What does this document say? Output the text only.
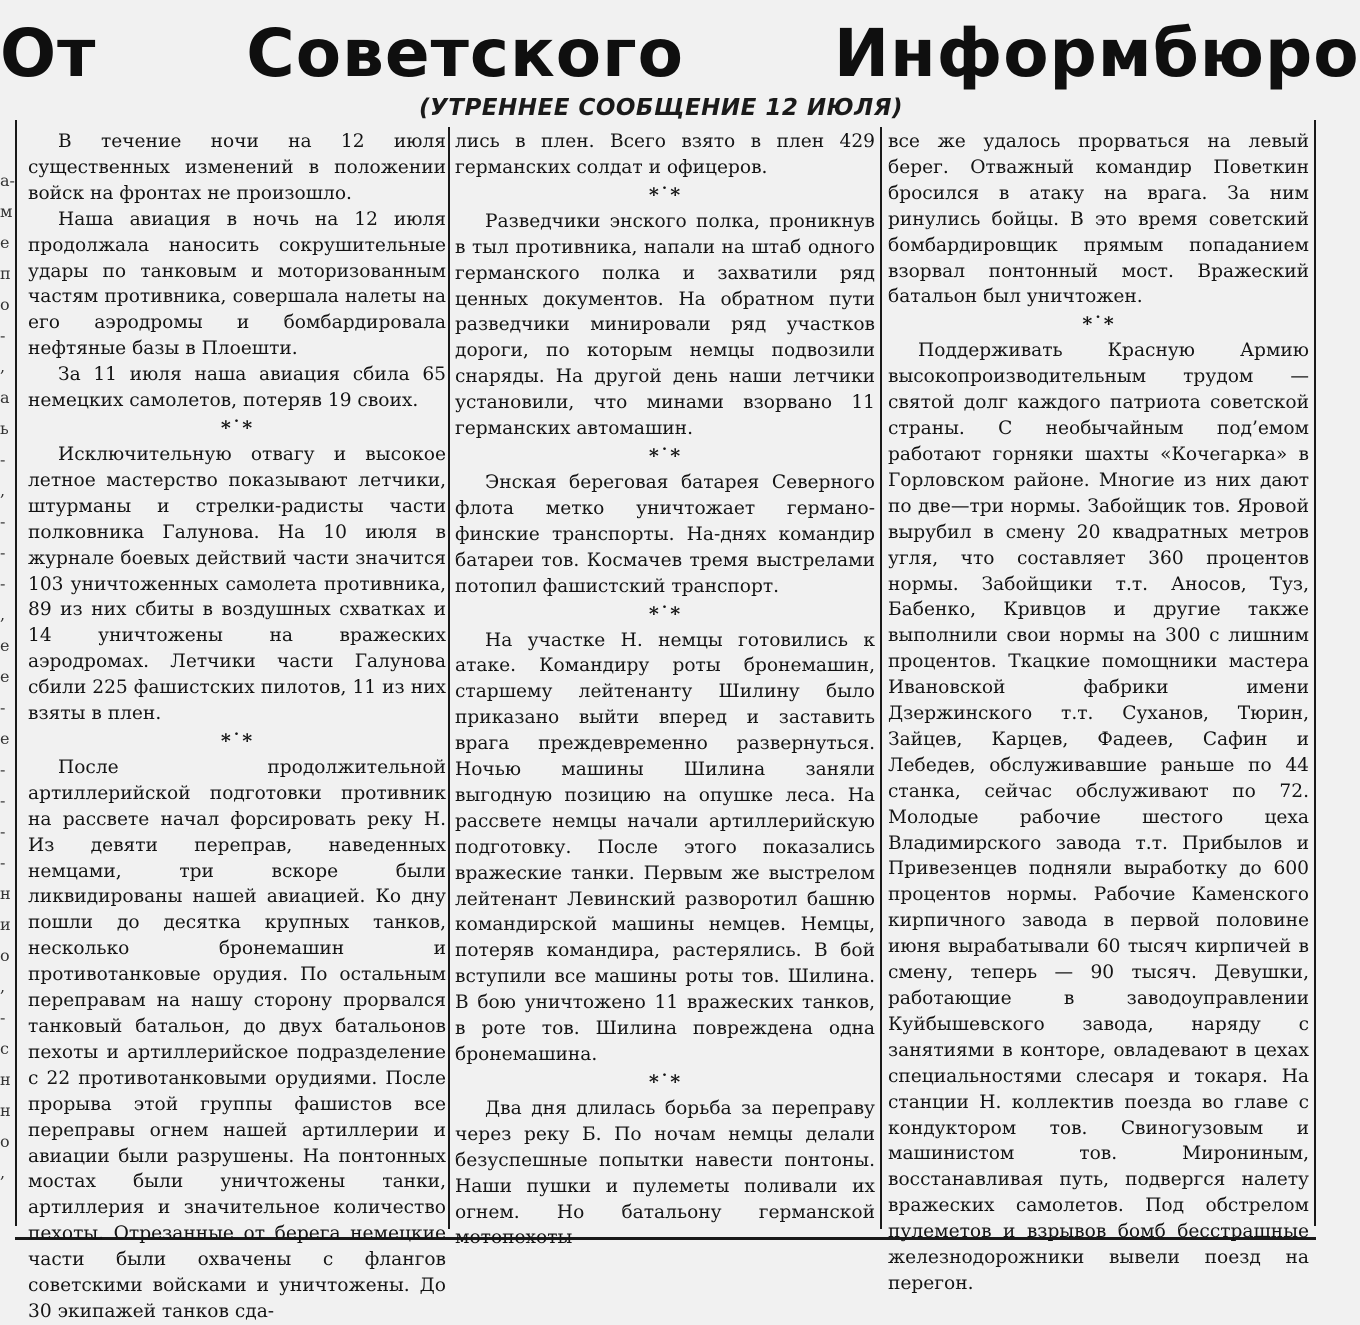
а-
м
е
п
о
-
,
а
ь
-
,
-
-
-
,
е
е
-
е
-
-
-
-
н
и
о
,
-
с
н
н
о
,
От   Советского   Информбюро
(УТРЕННЕЕ СООБЩЕНИЕ 12 ИЮЛЯ)

В течение ночи на 12 июля существенных изменений в положении войск на фронтах не произошло.

Наша авиация в ночь на 12 июля продолжала наносить сокрушительные удары по танковым и моторизованным частям противника, совершала налеты на его аэродромы и бомбардировала нефтяные базы в Плоешти.

За 11 июля наша авиация сбила 65 немецких самолетов, потеряв 19 своих.

*˙*

Исключительную отвагу и высокое летное мастерство показывают летчики, штурманы и стрелки-радисты части полковника Галунова. На 10 июля в журнале боевых действий части значится 103 уничтоженных самолета противника, 89 из них сбиты в воздушных схватках и 14 уничтожены на вражеских аэродромах. Летчики части Галунова сбили 225 фашистских пилотов, 11 из них взяты в плен.

*˙*

После продолжительной артиллерийской подготовки противник на рассвете начал форсировать реку Н. Из девяти переправ, наведенных немцами, три вскоре были ликвидированы нашей авиацией. Ко дну пошли до десятка крупных танков, несколько бронемашин и противотанковые орудия. По остальным переправам на нашу сторону прорвался танковый батальон, до двух батальонов пехоты и артиллерийское подразделение с 22 противотанковыми орудиями. После прорыва этой группы фашистов все переправы огнем нашей артиллерии и авиации были разрушены. На понтонных мостах были уничтожены танки, артиллерия и значительное количество пехоты. Отрезанные от берега немецкие части были охвачены с флангов советскими войсками и уничтожены. До 30 экипажей танков сда-

лись в плен. Всего взято в плен 429 германских солдат и офицеров.

*˙*

Разведчики энского полка, проникнув в тыл противника, напали на штаб одного германского полка и захватили ряд ценных документов. На обратном пути разведчики минировали ряд участков дороги, по которым немцы подвозили снаряды. На другой день наши летчики установили, что минами взорвано 11 германских автомашин.

*˙*

Энская береговая батарея Северного флота метко уничтожает германо-финские транспорты. На-днях командир батареи тов. Космачев тремя выстрелами потопил фашистский транспорт.

*˙*

На участке Н. немцы готовились к атаке. Командиру роты бронемашин, старшему лейтенанту Шилину было приказано выйти вперед и заставить врага преждевременно развернуться. Ночью машины Шилина заняли выгодную позицию на опушке леса. На рассвете немцы начали артиллерийскую подготовку. После этого показались вражеские танки. Первым же выстрелом лейтенант Левинский разворотил башню командирской машины немцев. Немцы, потеряв командира, растерялись. В бой вступили все машины роты тов. Шилина. В бою уничтожено 11 вражеских танков, в роте тов. Шилина повреждена одна бронемашина.

*˙*

Два дня длилась борьба за переправу через реку Б. По ночам немцы делали безуспешные попытки навести понтоны. Наши пушки и пулеметы поливали их огнем. Но батальону германской мотопехоты

все же удалось прорваться на левый берег. Отважный командир Поветкин бросился в атаку на врага. За ним ринулись бойцы. В это время советский бомбардировщик прямым попаданием взорвал понтонный мост. Вражеский батальон был уничтожен.

*˙*

Поддерживать Красную Армию высокопроизводительным трудом — святой долг каждого патриота советской страны. С необычайным под’емом работают горняки шахты «Кочегарка» в Горловском районе. Многие из них дают по две—три нормы. Забойщик тов. Яровой вырубил в смену 20 квадратных метров угля, что составляет 360 процентов нормы. Забойщики т.т. Аносов, Туз, Бабенко, Кривцов и другие также выполнили свои нормы на 300 с лишним процентов. Ткацкие помощники мастера Ивановской фабрики имени Дзержинского т.т. Суханов, Тюрин, Зайцев, Карцев, Фадеев, Сафин и Лебедев, обслуживавшие раньше по 44 станка, сейчас обслуживают по 72. Молодые рабочие шестого цеха Владимирского завода т.т. Прибылов и Привезенцев подняли выработку до 600 процентов нормы. Рабочие Каменского кирпичного завода в первой половине июня вырабатывали 60 тысяч кирпичей в смену, теперь — 90 тысяч. Девушки, работающие в заводоуправлении Куйбышевского завода, наряду с занятиями в конторе, овладевают в цехах специальностями слесаря и токаря. На станции Н. коллектив поезда во главе с кондуктором тов. Свиногузовым и машинистом тов. Мирониным, восстанавливая путь, подвергся налету вражеских самолетов. Под обстрелом пулеметов и взрывов бомб бесстрашные железнодорожники вывели поезд на перегон.
